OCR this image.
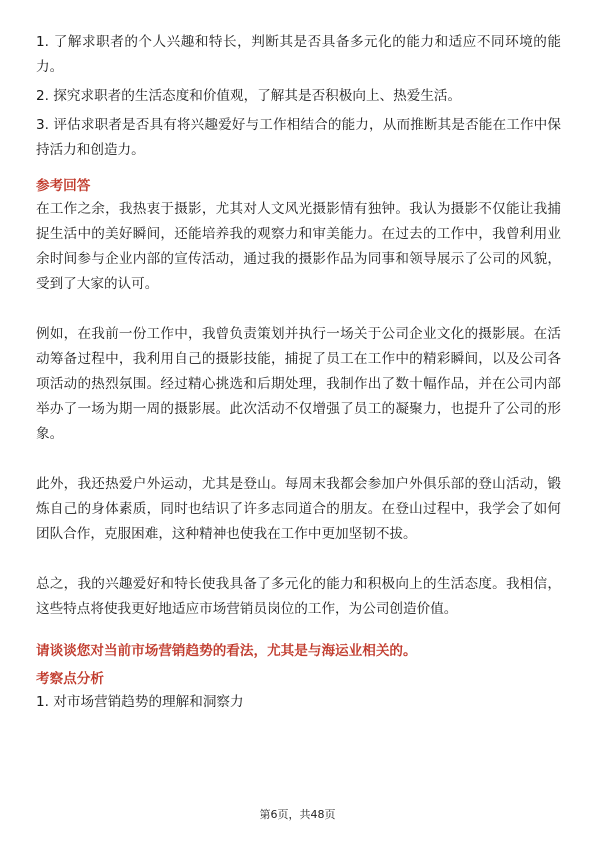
1. 了解求职者的个人兴趣和特长，判断其是否具备多元化的能力和适应不同环境的能力。

2. 探究求职者的生活态度和价值观，了解其是否积极向上、热爱生活。

3. 评估求职者是否具有将兴趣爱好与工作相结合的能力，从而推断其是否能在工作中保持活力和创造力。

参考回答

在工作之余，我热衷于摄影，尤其对人文风光摄影情有独钟。我认为摄影不仅能让我捕捉生活中的美好瞬间，还能培养我的观察力和审美能力。在过去的工作中，我曾利用业余时间参与企业内部的宣传活动，通过我的摄影作品为同事和领导展示了公司的风貌，受到了大家的认可。

例如，在我前一份工作中，我曾负责策划并执行一场关于公司企业文化的摄影展。在活动筹备过程中，我利用自己的摄影技能，捕捉了员工在工作中的精彩瞬间，以及公司各项活动的热烈氛围。经过精心挑选和后期处理，我制作出了数十幅作品，并在公司内部举办了一场为期一周的摄影展。此次活动不仅增强了员工的凝聚力，也提升了公司的形象。

此外，我还热爱户外运动，尤其是登山。每周末我都会参加户外俱乐部的登山活动，锻炼自己的身体素质，同时也结识了许多志同道合的朋友。在登山过程中，我学会了如何团队合作，克服困难，这种精神也使我在工作中更加坚韧不拔。

总之，我的兴趣爱好和特长使我具备了多元化的能力和积极向上的生活态度。我相信，这些特点将使我更好地适应市场营销员岗位的工作，为公司创造价值。

请谈谈您对当前市场营销趋势的看法，尤其是与海运业相关的。

考察点分析

1. 对市场营销趋势的理解和洞察力

第6页，共48页
